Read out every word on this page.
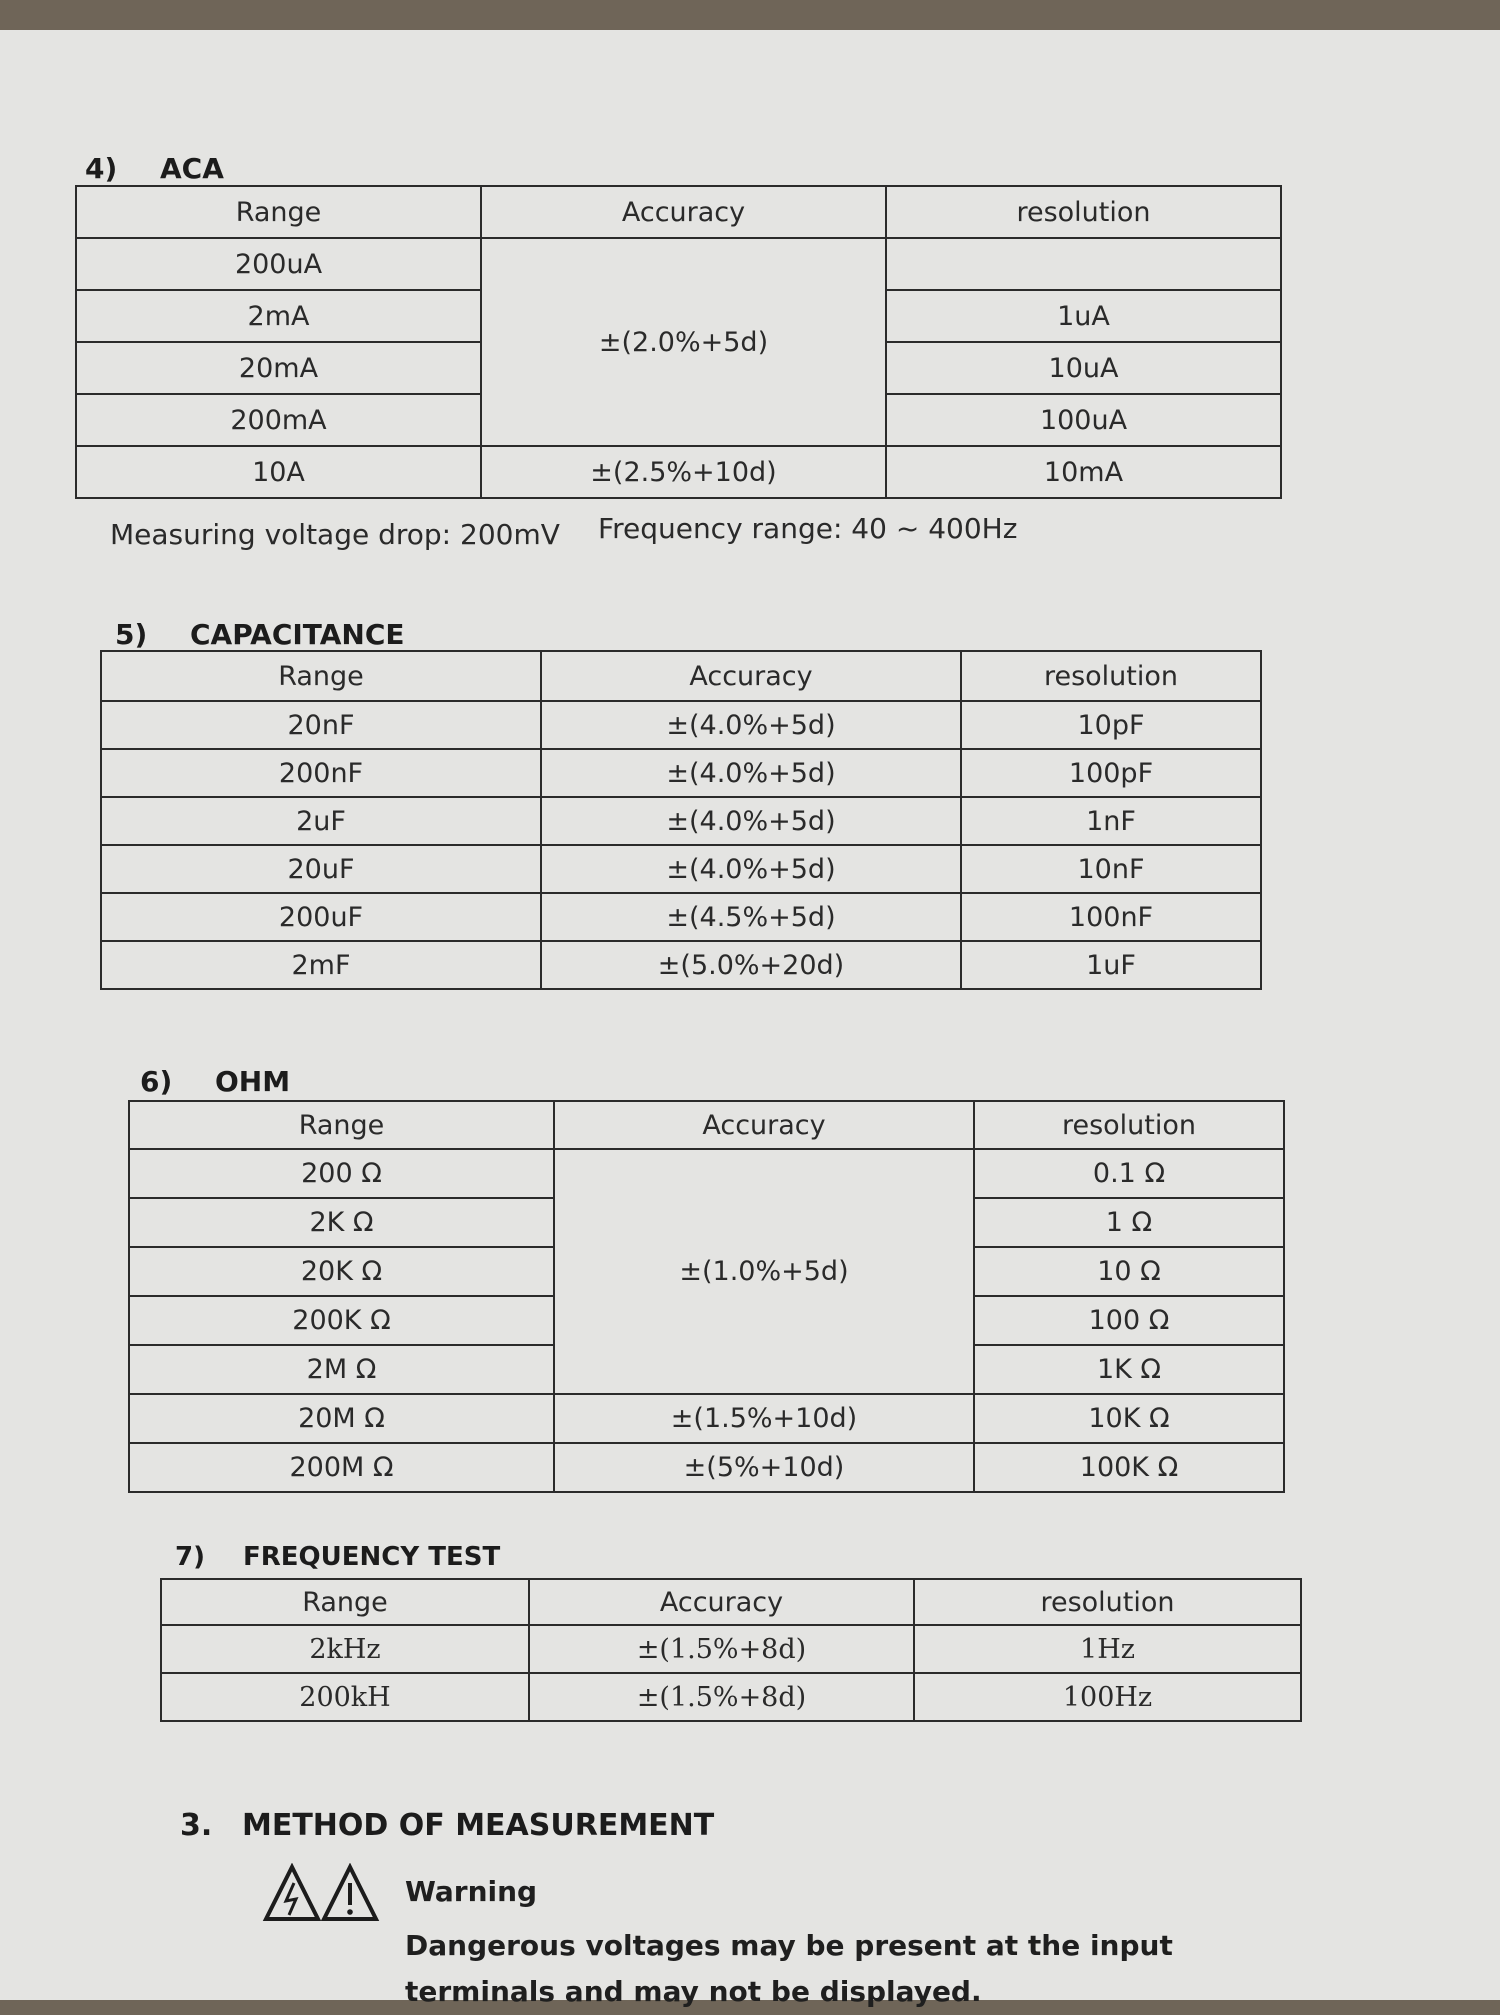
4) ACA
Range	Accuracy	resolution
200uA	±(2.0%+5d)	
2mA		1uA
20mA		10uA
200mA		100uA
10A	±(2.5%+10d)	10mA
Measuring voltage drop: 200mV Frequency range: 40 ~ 400Hz
5) CAPACITANCE
Range	Accuracy	resolution
20nF	±(4.0%+5d)	10pF
200nF	±(4.0%+5d)	100pF
2uF	±(4.0%+5d)	1nF
20uF	±(4.0%+5d)	10nF
200uF	±(4.5%+5d)	100nF
2mF	±(5.0%+20d)	1uF
6) OHM
Range	Accuracy	resolution
200 Ω	±(1.0%+5d)	0.1 Ω
2K Ω		1 Ω
20K Ω		10 Ω
200K Ω		100 Ω
2M Ω		1K Ω
20M Ω	±(1.5%+10d)	10K Ω
200M Ω	±(5%+10d)	100K Ω
7) FREQUENCY TEST
Range	Accuracy	resolution
2kHz	±(1.5%+8d)	1Hz
200kH	±(1.5%+8d)	100Hz
3. METHOD OF MEASUREMENT
Warning
Dangerous voltages may be present at the input terminals and may not be displayed.
